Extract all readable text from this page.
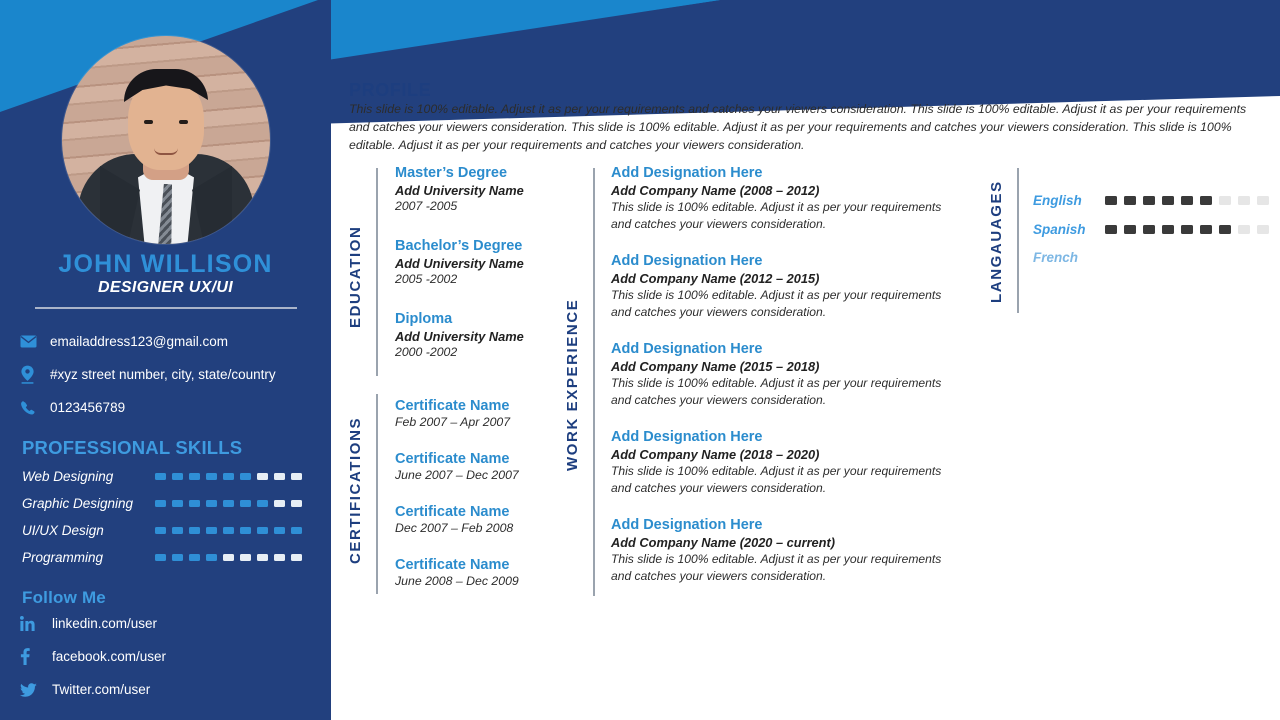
JOHN WILLISON
DESIGNER UX/UI
emailaddress123@gmail.com
#xyz street number, city, state/country
0123456789
PROFESSIONAL SKILLS
Web Designing
Graphic Designing
UI/UX Design
Programming
Follow Me
linkedin.com/user
facebook.com/user
Twitter.com/user
PROFILE
This slide is 100% editable. Adjust it as per your requirements and catches your viewers consideration. This slide is 100% editable. Adjust it as per your requirements and catches your viewers consideration. This slide is 100% editable. Adjust it as per your requirements and catches your viewers consideration. This slide is 100% editable. Adjust it as per your requirements and catches your viewers consideration.
EDUCATION
Master’s Degree
Add University Name
2007 -2005
Bachelor’s Degree
Add University Name
2005 -2002
Diploma
Add University Name
2000 -2002
CERTIFICATIONS
Certificate Name
Feb 2007 – Apr 2007
Certificate Name
June 2007 – Dec 2007
Certificate Name
Dec 2007 – Feb 2008
Certificate Name
June 2008 – Dec 2009
WORK EXPERIENCE
Add Designation Here
Add Company Name (2008 – 2012)
This slide is 100% editable. Adjust it as per your requirements and catches your viewers consideration.
Add Designation Here
Add Company Name (2012 – 2015)
This slide is 100% editable. Adjust it as per your requirements and catches your viewers consideration.
Add Designation Here
Add Company Name (2015 – 2018)
This slide is 100% editable. Adjust it as per your requirements and catches your viewers consideration.
Add Designation Here
Add Company Name (2018 – 2020)
This slide is 100% editable. Adjust it as per your requirements and catches your viewers consideration.
Add Designation Here
Add Company Name (2020 – current)
This slide is 100% editable. Adjust it as per your requirements and catches your viewers consideration.
LANGAUAGES English
Spanish
French
